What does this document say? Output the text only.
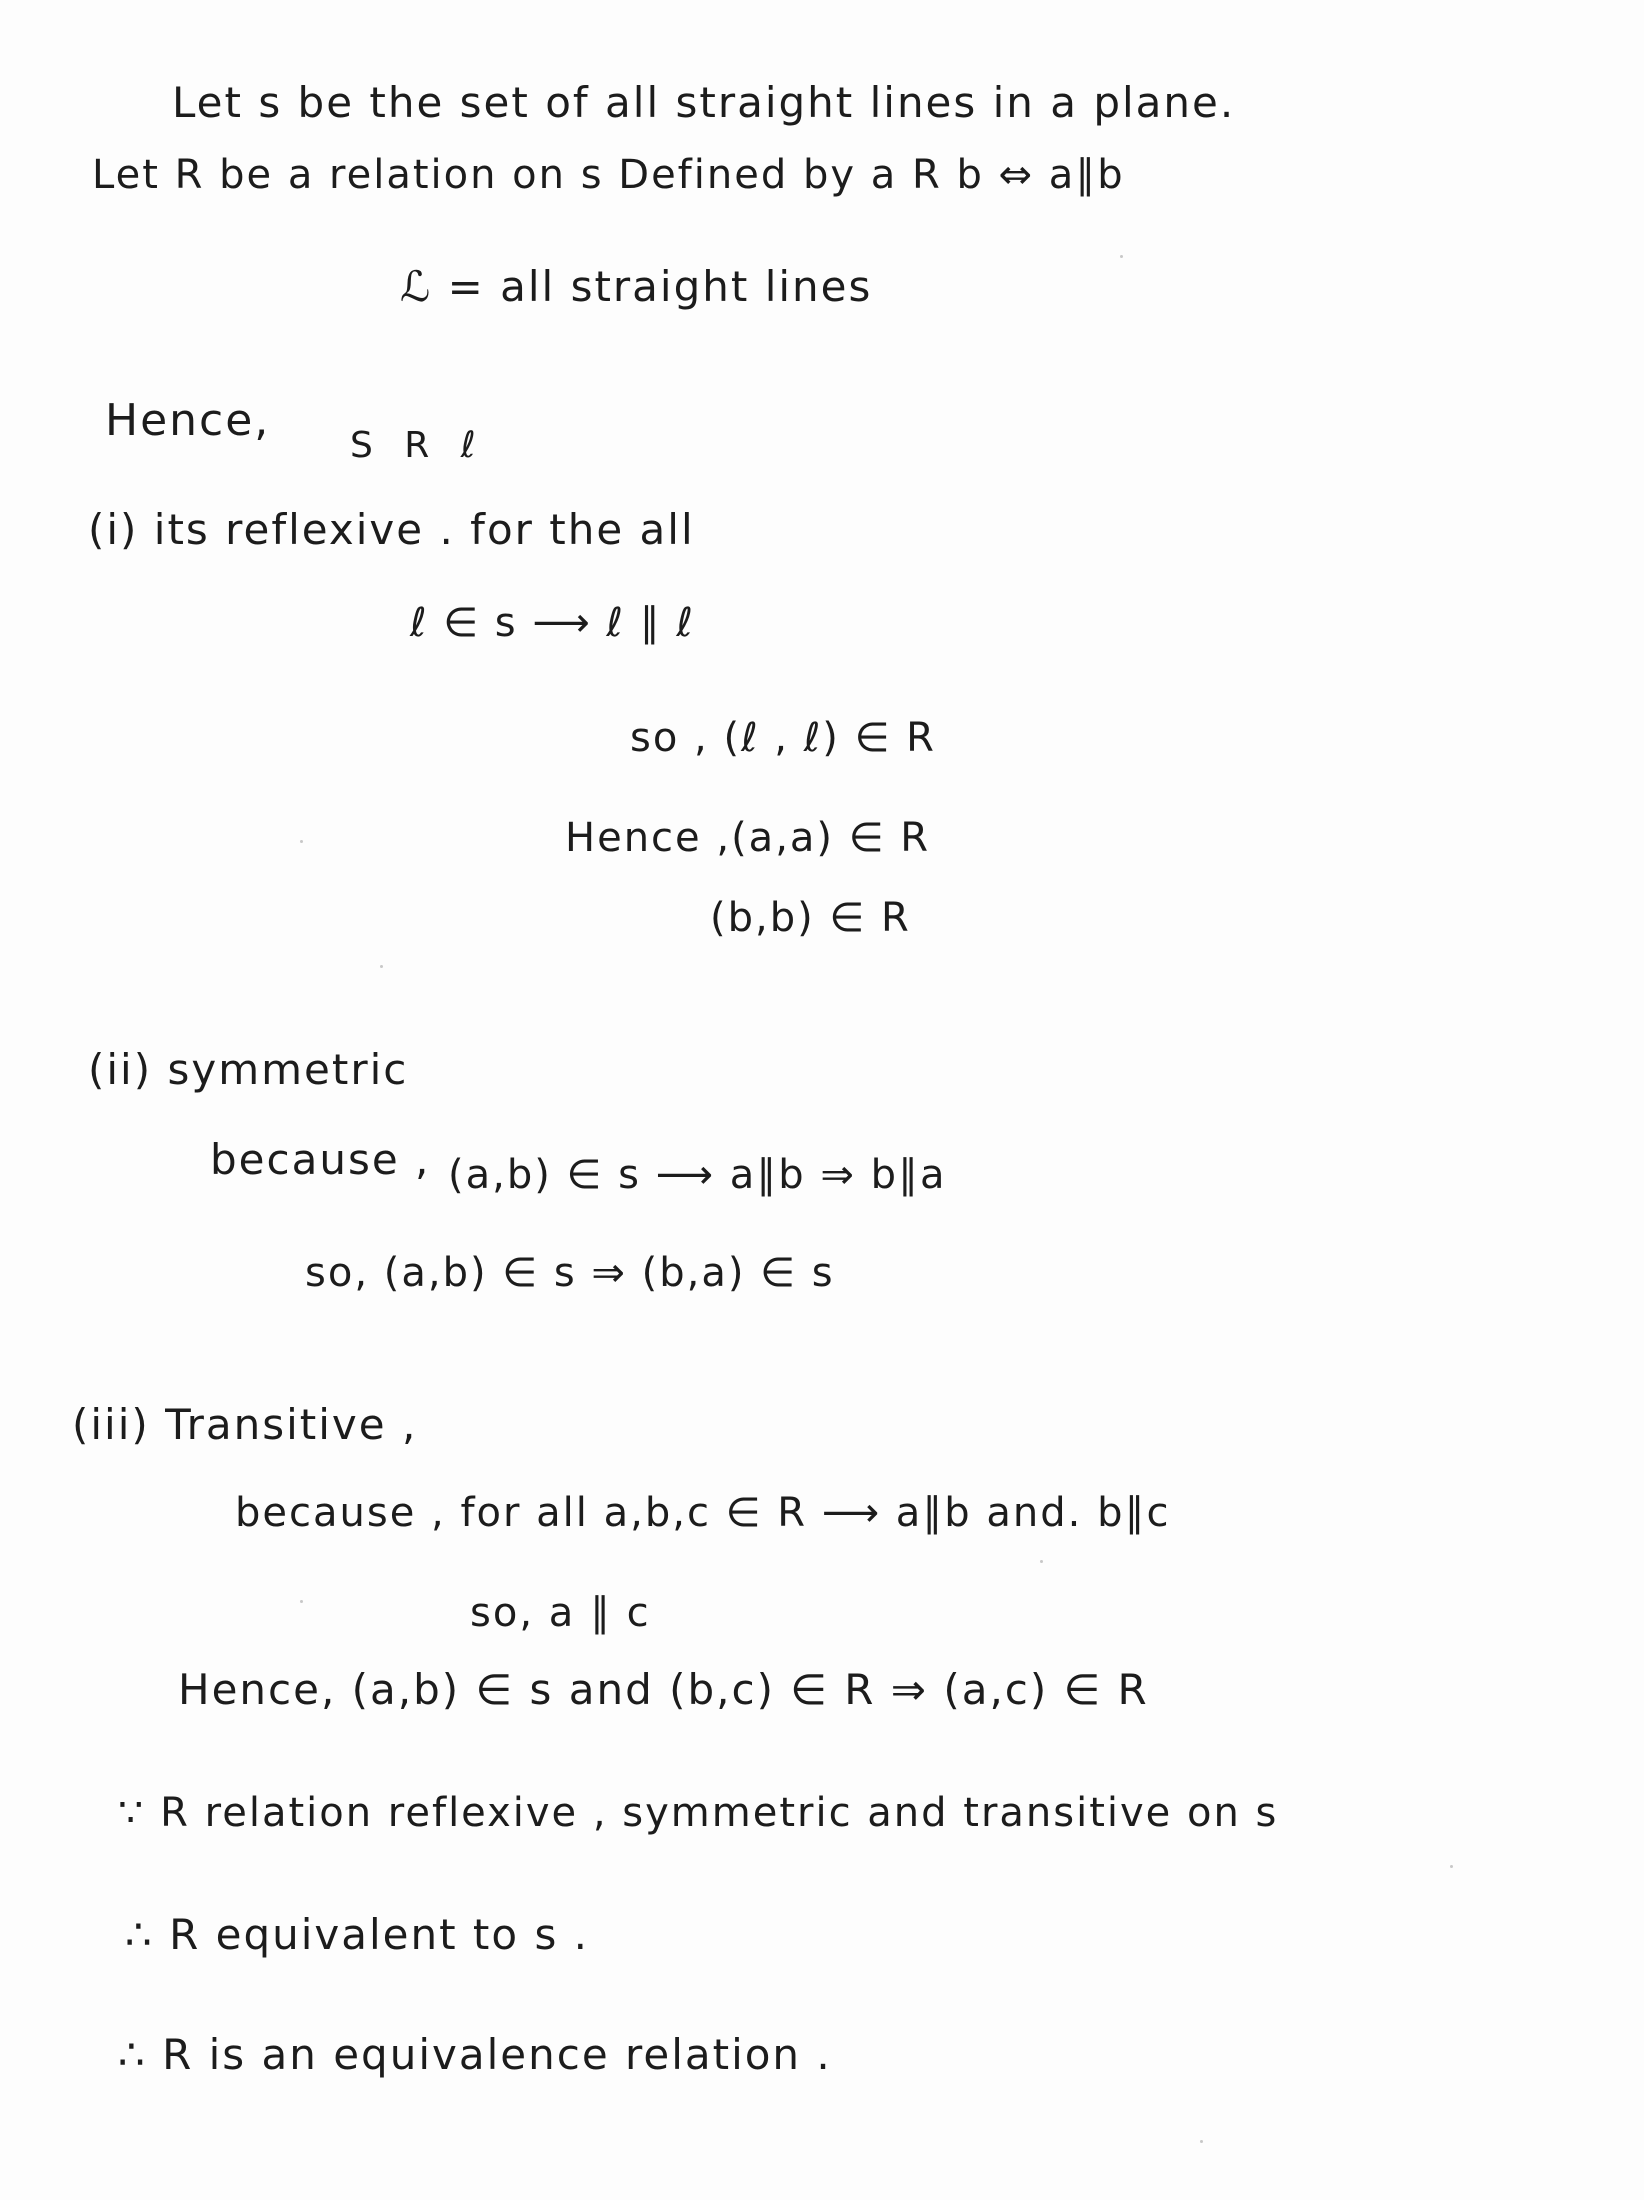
Let s be the set of all straight lines in a plane.
Let R be a relation on s Defined by a R b ⇔ a∥b
ℒ = all straight lines
Hence, S R ℓ
(i) its reflexive . for the all
ℓ ∈ s ⟶ ℓ ∥ ℓ
so , (ℓ , ℓ) ∈ R
Hence ,(a,a) ∈ R
(b,b) ∈ R
(ii) symmetric
because , (a,b) ∈ s ⟶ a∥b ⇒ b∥a
so, (a,b) ∈ s ⇒ (b,a) ∈ s
(iii) Transitive ,
because , for all a,b,c ∈ R ⟶ a∥b and. b∥c
so, a ∥ c
Hence, (a,b) ∈ s and (b,c) ∈ R ⇒ (a,c) ∈ R
∵ R relation reflexive , symmetric and transitive on s
∴ R equivalent to s .
∴ R is an equivalence relation .
